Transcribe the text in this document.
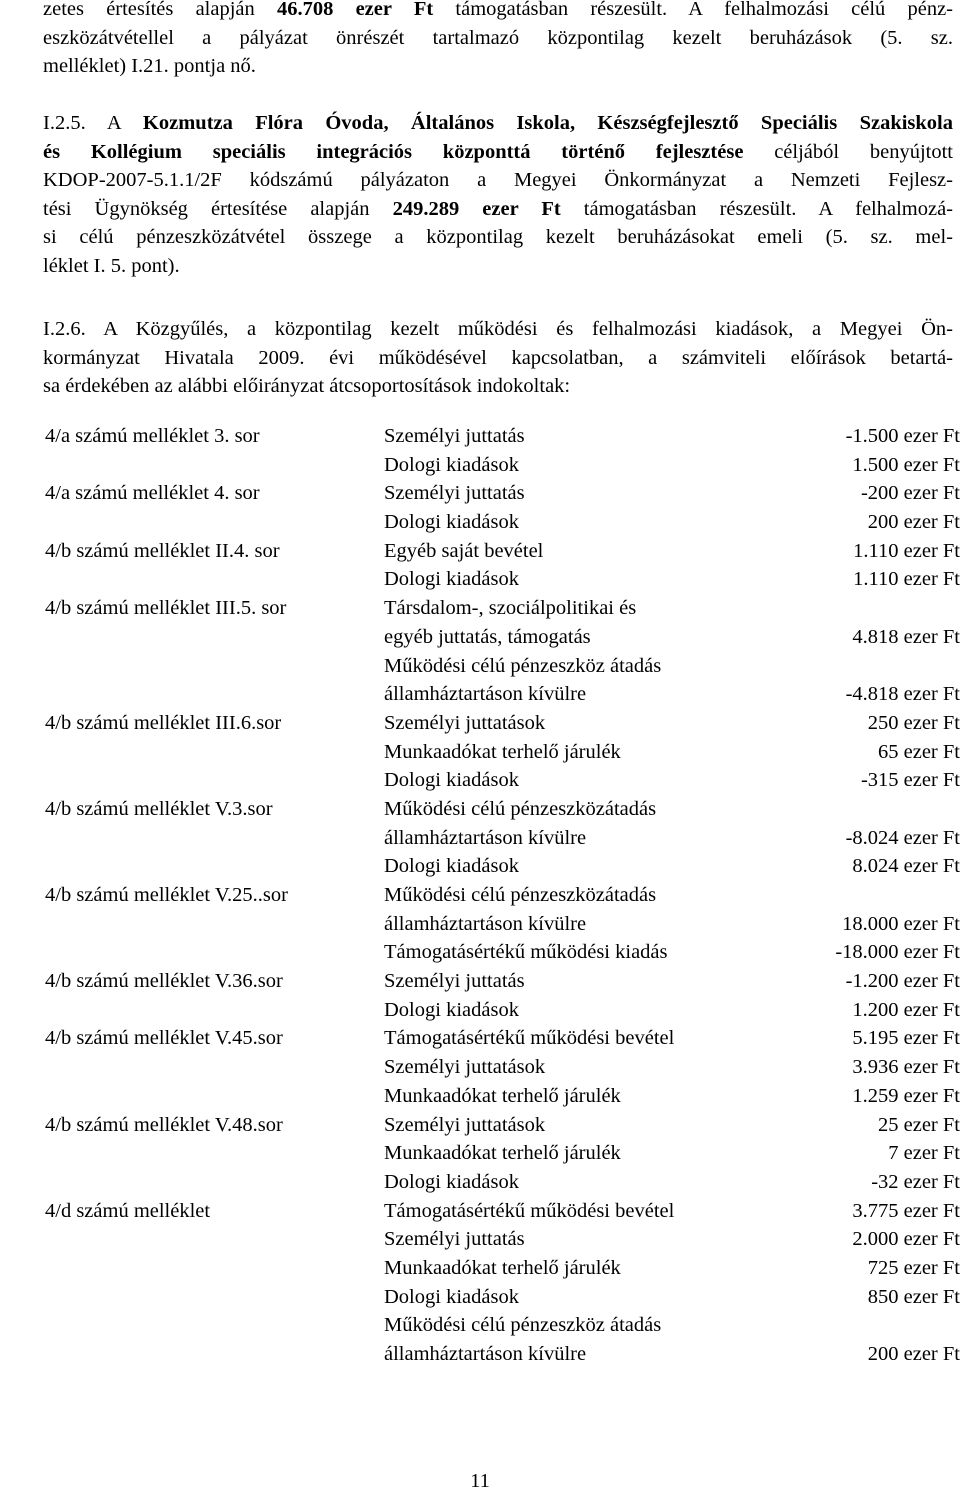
zetes értesítés alapján 46.708 ezer Ft támogatásban részesült. A felhalmozási célú pénz-
eszközátvétellel a pályázat önrészét tartalmazó központilag kezelt beruházások (5. sz.
melléklet) I.21. pontja nő.
I.2.5. A Kozmutza Flóra Óvoda, Általános Iskola, Készségfejlesztő Speciális Szakiskola
és Kollégium speciális integrációs központtá történő fejlesztése céljából benyújtott
KDOP-2007-5.1.1/2F kódszámú pályázaton a Megyei Önkormányzat a Nemzeti Fejlesz-
tési Ügynökség értesítése alapján 249.289 ezer Ft támogatásban részesült. A felhalmozá-
si célú pénzeszközátvétel összege a központilag kezelt beruházásokat emeli (5. sz. mel-
léklet I. 5. pont).
I.2.6. A Közgyűlés, a központilag kezelt működési és felhalmozási kiadások, a Megyei Ön-
kormányzat Hivatala 2009. évi működésével kapcsolatban, a számviteli előírások betartá-
sa érdekében az alábbi előirányzat átcsoportosítások indokoltak:
4/a számú melléklet 3. sor	Személyi juttatás	-1.500 ezer Ft
Dologi kiadások	1.500 ezer Ft
4/a számú melléklet 4. sor	Személyi juttatás	-200 ezer Ft
Dologi kiadások	200 ezer Ft
4/b számú melléklet II.4. sor	Egyéb saját bevétel	1.110 ezer Ft
Dologi kiadások	1.110 ezer Ft
4/b számú melléklet III.5. sor	Társdalom-, szociálpolitikai és
egyéb juttatás, támogatás	4.818 ezer Ft
Működési célú pénzeszköz átadás
államháztartáson kívülre	-4.818 ezer Ft
4/b számú melléklet III.6.sor	Személyi juttatások	250 ezer Ft
Munkaadókat terhelő járulék	65 ezer Ft
Dologi kiadások	-315 ezer Ft
4/b számú melléklet V.3.sor	Működési célú pénzeszközátadás
államháztartáson kívülre	-8.024 ezer Ft
Dologi kiadások	8.024 ezer Ft
4/b számú melléklet V.25..sor	Működési célú pénzeszközátadás
államháztartáson kívülre	18.000 ezer Ft
Támogatásértékű működési kiadás	-18.000 ezer Ft
4/b számú melléklet V.36.sor	Személyi juttatás	-1.200 ezer Ft
Dologi kiadások	1.200 ezer Ft
4/b számú melléklet V.45.sor	Támogatásértékű működési bevétel	5.195 ezer Ft
Személyi juttatások	3.936 ezer Ft
Munkaadókat terhelő járulék	1.259 ezer Ft
4/b számú melléklet V.48.sor	Személyi juttatások	25 ezer Ft
Munkaadókat terhelő járulék	7 ezer Ft
Dologi kiadások	-32 ezer Ft
4/d számú melléklet	Támogatásértékű működési bevétel	3.775 ezer Ft
Személyi juttatás	2.000 ezer Ft
Munkaadókat terhelő járulék	725 ezer Ft
Dologi kiadások	850 ezer Ft
Működési célú pénzeszköz átadás
államháztartáson kívülre	200 ezer Ft
11
